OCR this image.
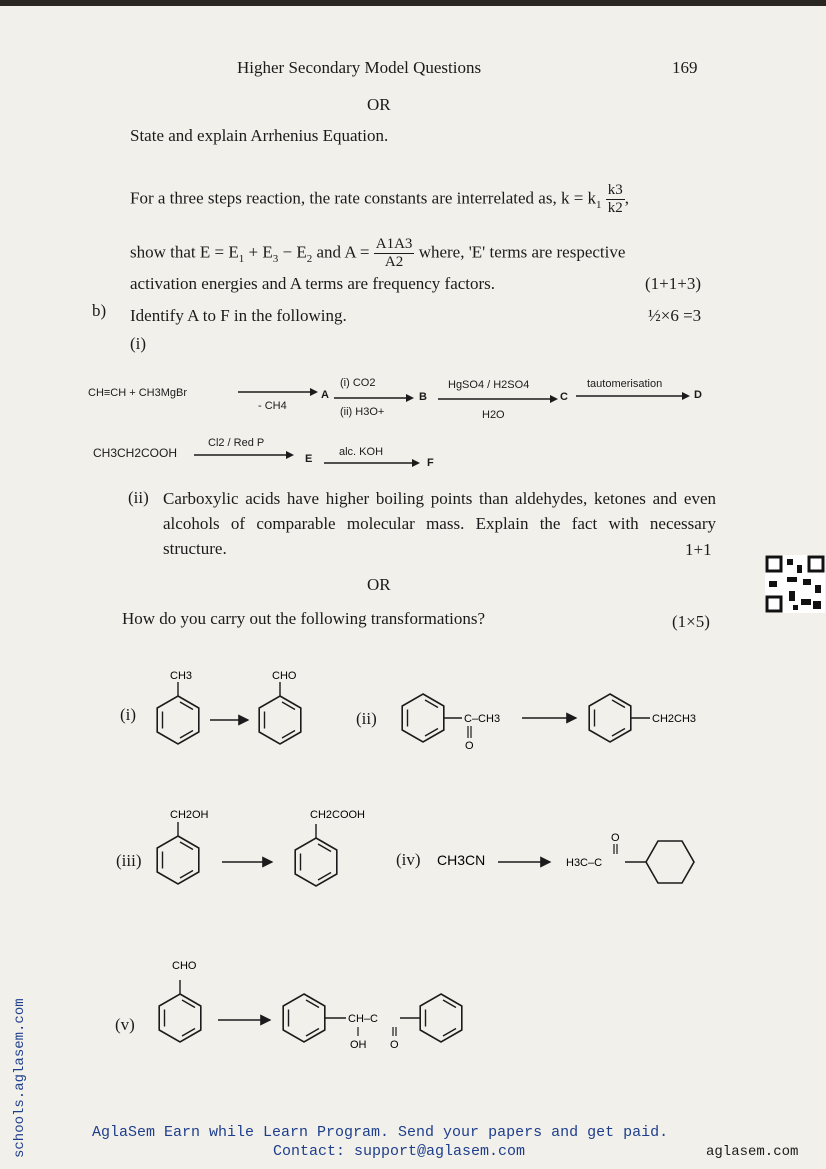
Higher Secondary Model Questions	169
OR
State and explain Arrhenius Equation.
For a three steps reaction, the rate constants are interrelated as, $k = k_1 \frac{k3}{k2}$ ,
show that $E = E_1 + E_3 - E_2$ and $A = \frac{A1A3}{A2}$ where, 'E' terms are respective
activation energies and A terms are frequency factors.	(1+1+3)
b) Identify A to F in the following.	½×6 =3
(i)
CH≡CH + CH3MgBr
- CH4
A
(i) CO2
(ii) H3O+
B
HgSO4 / H2SO4
H2O
C
tautomerisation
D
CH3CH2COOH
Cl2 / Red P
E
alc. KOH
F
(ii) Carboxylic acids have higher boiling points than aldehydes, ketones and even alcohols of comparable molecular mass. Explain the fact with necessary structure.	1+1
OR
How do you carry out the following transformations?	(1×5)
(i)	(ii)
(iii)	(iv)
(v)
CH3	CHO
C–CH3
O
CH2CH3
CH2OH	CH2COOH
CH3CN	H3C–C
O
CHO
CH–C
OH O
schools.aglasem.com	AglaSem Earn while Learn Program. Send your papers and get paid.
Contact: support@aglasem.com	aglasem.com
